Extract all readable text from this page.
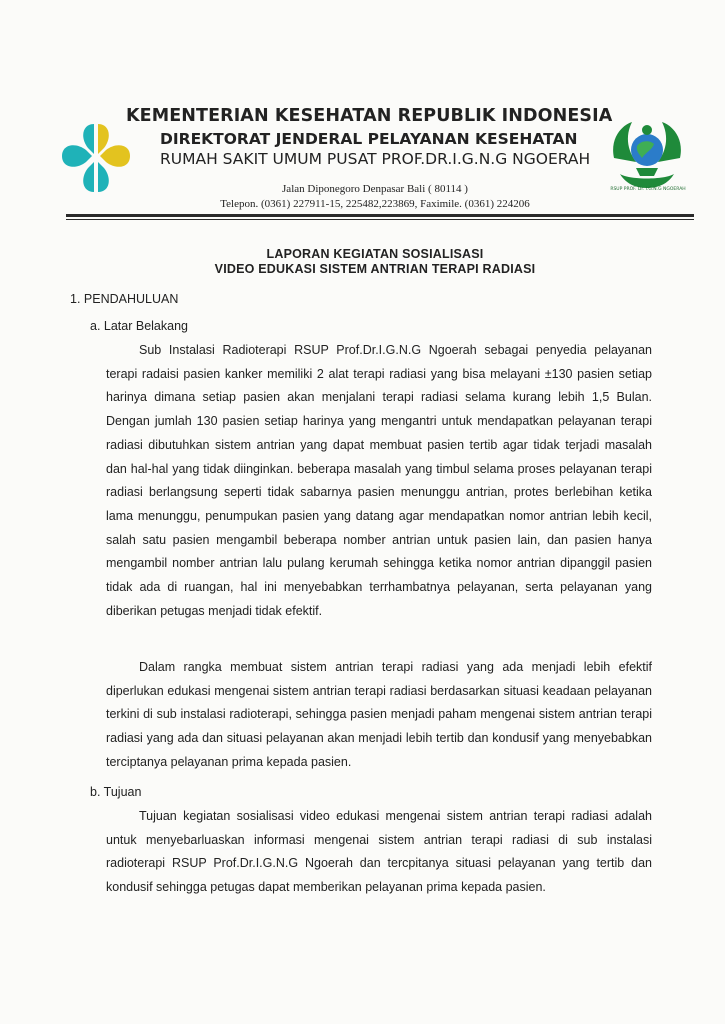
RSUP PROF. Dr. I.G.N.G NGOERAH
KEMENTERIAN KESEHATAN REPUBLIK INDONESIA
DIREKTORAT JENDERAL PELAYANAN KESEHATAN
RUMAH SAKIT UMUM PUSAT PROF.DR.I.G.N.G NGOERAH
Jalan Diponegoro Denpasar Bali ( 80114 )
Telepon. (0361) 227911-15, 225482,223869, Faximile. (0361) 224206
LAPORAN KEGIATAN SOSIALISASI
VIDEO EDUKASI SISTEM ANTRIAN TERAPI RADIASI
1. PENDAHULUAN
a. Latar Belakang

Sub Instalasi Radioterapi RSUP Prof.Dr.I.G.N.G Ngoerah sebagai penyedia pelayanan terapi radaisi pasien kanker memiliki 2 alat terapi radiasi yang bisa melayani ±130 pasien setiap harinya dimana setiap pasien akan menjalani terapi radiasi selama kurang lebih 1,5 Bulan. Dengan jumlah 130 pasien setiap harinya yang mengantri untuk mendapatkan pelayanan terapi radiasi dibutuhkan sistem antrian yang dapat membuat pasien tertib agar tidak terjadi masalah dan hal-hal yang tidak diinginkan. beberapa masalah yang timbul selama proses pelayanan terapi radiasi berlangsung seperti tidak sabarnya pasien menunggu antrian, protes berlebihan ketika lama menunggu, penumpukan pasien yang datang agar mendapatkan nomor antrian lebih kecil, salah satu pasien mengambil beberapa nomber antrian untuk pasien lain, dan pasien hanya mengambil nomber antrian lalu pulang kerumah sehingga ketika nomor antrian dipanggil pasien tidak ada di ruangan, hal ini menyebabkan terrhambatnya pelayanan, serta pelayanan yang diberikan petugas menjadi tidak efektif.

Dalam rangka membuat sistem antrian terapi radiasi yang ada menjadi lebih efektif diperlukan edukasi mengenai sistem antrian terapi radiasi berdasarkan situasi keadaan pelayanan terkini di sub instalasi radioterapi, sehingga pasien menjadi paham mengenai sistem antrian terapi radiasi yang ada dan situasi pelayanan akan menjadi lebih tertib dan kondusif yang menyebabkan terciptanya pelayanan prima kepada pasien.

b. Tujuan

Tujuan kegiatan sosialisasi video edukasi mengenai sistem antrian terapi radiasi adalah untuk menyebarluaskan informasi mengenai sistem antrian terapi radiasi di sub instalasi radioterapi RSUP Prof.Dr.I.G.N.G Ngoerah dan tercpitanya situasi pelayanan yang tertib dan kondusif sehingga petugas dapat memberikan pelayanan prima kepada pasien.
